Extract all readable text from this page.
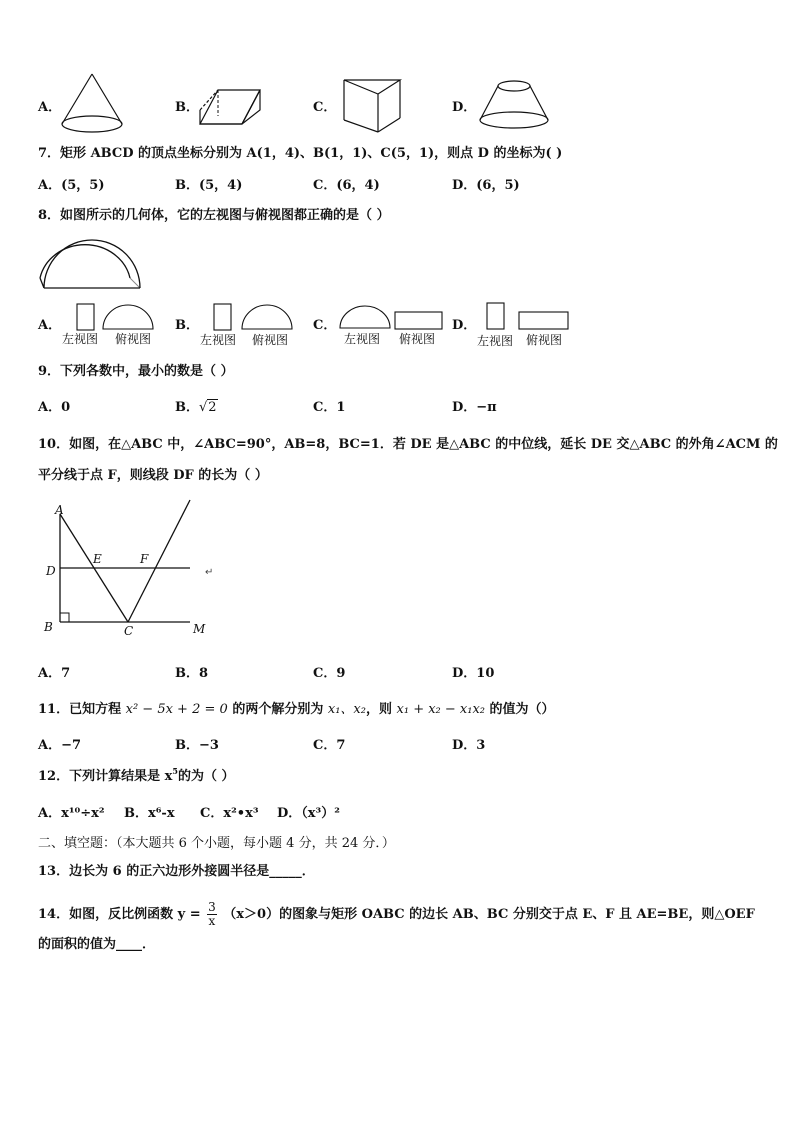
A．	B．	C．	D．
7．矩形 ABCD 的顶点坐标分别为 A(1，4)、B(1，1)、C(5，1)，则点 D 的坐标为( )
A．(5，5)	B．(5，4)	C．(6，4)	D．(6，5)
8．如图所示的几何体，它的左视图与俯视图都正确的是（ ）
A．
左视图 俯视图
B．
左视图 俯视图
C．
左视图 俯视图
D．
左视图 俯视图
9．下列各数中，最小的数是（ ）
A．0	B．√2	C．1	D．−π
10．如图，在△ABC 中，∠ABC=90°，AB=8，BC=1．若 DE 是△ABC 的中位线，延长 DE 交△ABC 的外角∠ACM 的
平分线于点 F，则线段 DF 的长为（ ）
A
D
E	F
B	C	M
↵
A．7	B．8	C．9	D．10
11．已知方程 x² − 5x + 2 = 0 的两个解分别为 x₁、x₂，则 x₁ + x₂ − x₁x₂ 的值为（）
A．−7	B．−3	C．7	D．3
12．下列计算结果是 $x^5$的为（ ）
A．x¹⁰÷x² B．x⁶-x C．x²•x³ D．（x³）²
二、填空题：（本大题共 6 个小题，每小题 4 分，共 24 分．）
13．边长为 6 的正六边形外接圆半径是_____．
14．如图，反比例函数 $y = \frac{3}{x} (x>0)$的图象与矩形 OABC 的边长 AB、BC 分别交于点 E、F 且 AE=BE，则△OEF
的面积的值为____．
